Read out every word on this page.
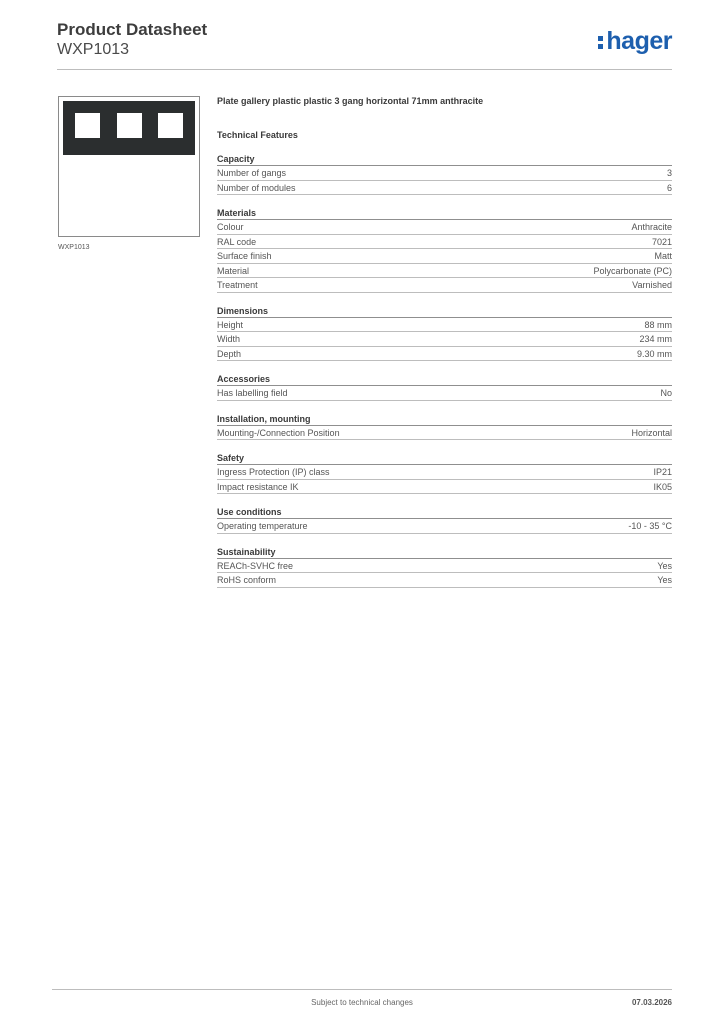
Product Datasheet
WXP1013	hager
WXP1013
Plate gallery plastic plastic 3 gang horizontal 71mm anthracite
Technical Features
Capacity
Number of gangs	3
Number of modules	6
Materials
Colour	Anthracite
RAL code	7021
Surface finish	Matt
Material	Polycarbonate (PC)
Treatment	Varnished
Dimensions
Height	88 mm
Width	234 mm
Depth	9.30 mm
Accessories
Has labelling field	No
Installation, mounting
Mounting-/Connection Position	Horizontal
Safety
Ingress Protection (IP) class	IP21
Impact resistance IK	IK05
Use conditions
Operating temperature	-10 - 35 °C
Sustainability
REACh-SVHC free	Yes
RoHS conform	Yes
Subject to technical changes	07.03.2026
